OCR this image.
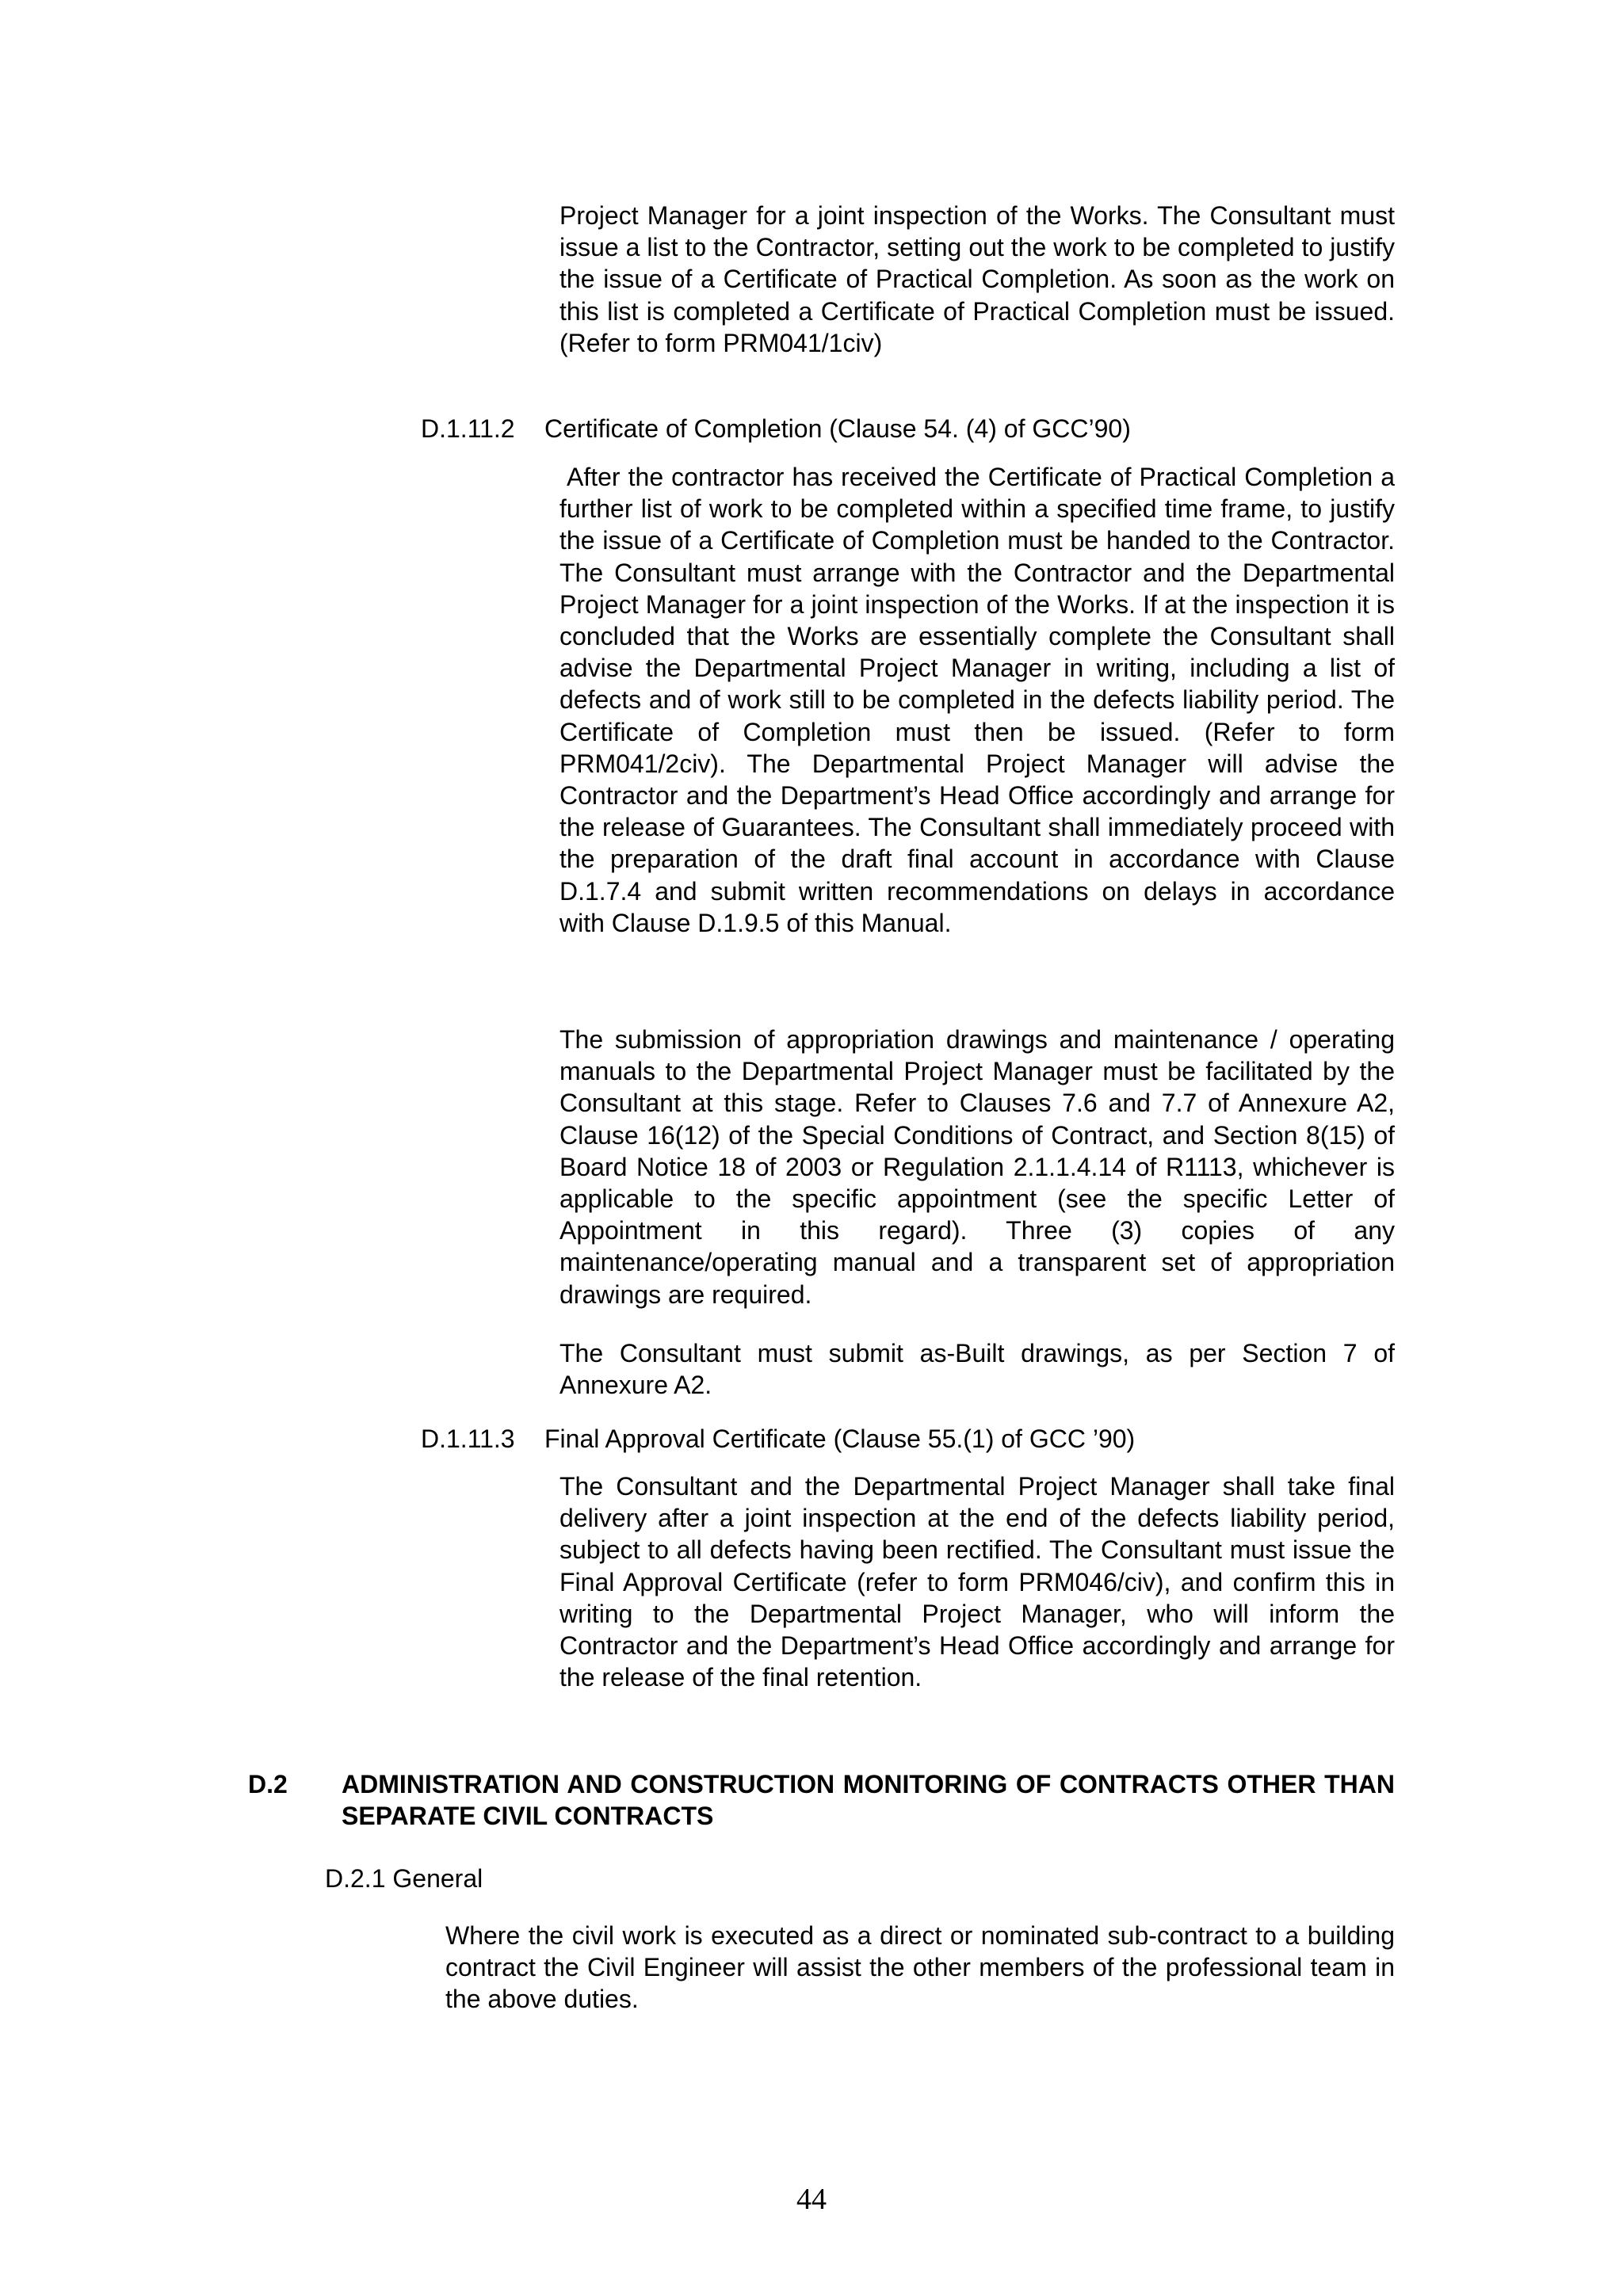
Project Manager for a joint inspection of the Works. The Consultant must issue a list to the Contractor, setting out the work to be completed to justify the issue of a Certificate of Practical Completion. As soon as the work on this list is completed a Certificate of Practical Completion must be issued. (Refer to form PRM041/1civ)

D.1.11.2 Certificate of Completion (Clause 54. (4) of GCC’90)

After the contractor has received the Certificate of Practical Completion a further list of work to be completed within a specified time frame, to justify the issue of a Certificate of Completion must be handed to the Contractor. The Consultant must arrange with the Contractor and the Departmental Project Manager for a joint inspection of the Works. If at the inspection it is concluded that the Works are essentially complete the Consultant shall advise the Departmental Project Manager in writing, including a list of defects and of work still to be completed in the defects liability period. The Certificate of Completion must then be issued. (Refer to form PRM041/2civ). The Departmental Project Manager will advise the Contractor and the Department’s Head Office accordingly and arrange for the release of Guarantees. The Consultant shall immediately proceed with the preparation of the draft final account in accordance with Clause D.1.7.4 and submit written recommendations on delays in accordance with Clause D.1.9.5 of this Manual.

The submission of appropriation drawings and maintenance / operating manuals to the Departmental Project Manager must be facilitated by the Consultant at this stage. Refer to Clauses 7.6 and 7.7 of Annexure A2, Clause 16(12) of the Special Conditions of Contract, and Section 8(15) of Board Notice 18 of 2003 or Regulation 2.1.1.4.14 of R1113, whichever is applicable to the specific appointment (see the specific Letter of Appointment in this regard). Three (3) copies of any maintenance/operating manual and a transparent set of appropriation drawings are required.

The Consultant must submit as-Built drawings, as per Section 7 of Annexure A2.

D.1.11.3 Final Approval Certificate (Clause 55.(1) of GCC ’90)

The Consultant and the Departmental Project Manager shall take final delivery after a joint inspection at the end of the defects liability period, subject to all defects having been rectified. The Consultant must issue the Final Approval Certificate (refer to form PRM046/civ), and confirm this in writing to the Departmental Project Manager, who will inform the Contractor and the Department’s Head Office accordingly and arrange for the release of the final retention.

D.2 ADMINISTRATION AND CONSTRUCTION MONITORING OF CONTRACTS OTHER THAN SEPARATE CIVIL CONTRACTS

D.2.1 General

Where the civil work is executed as a direct or nominated sub-contract to a building contract the Civil Engineer will assist the other members of the professional team in the above duties.

44
